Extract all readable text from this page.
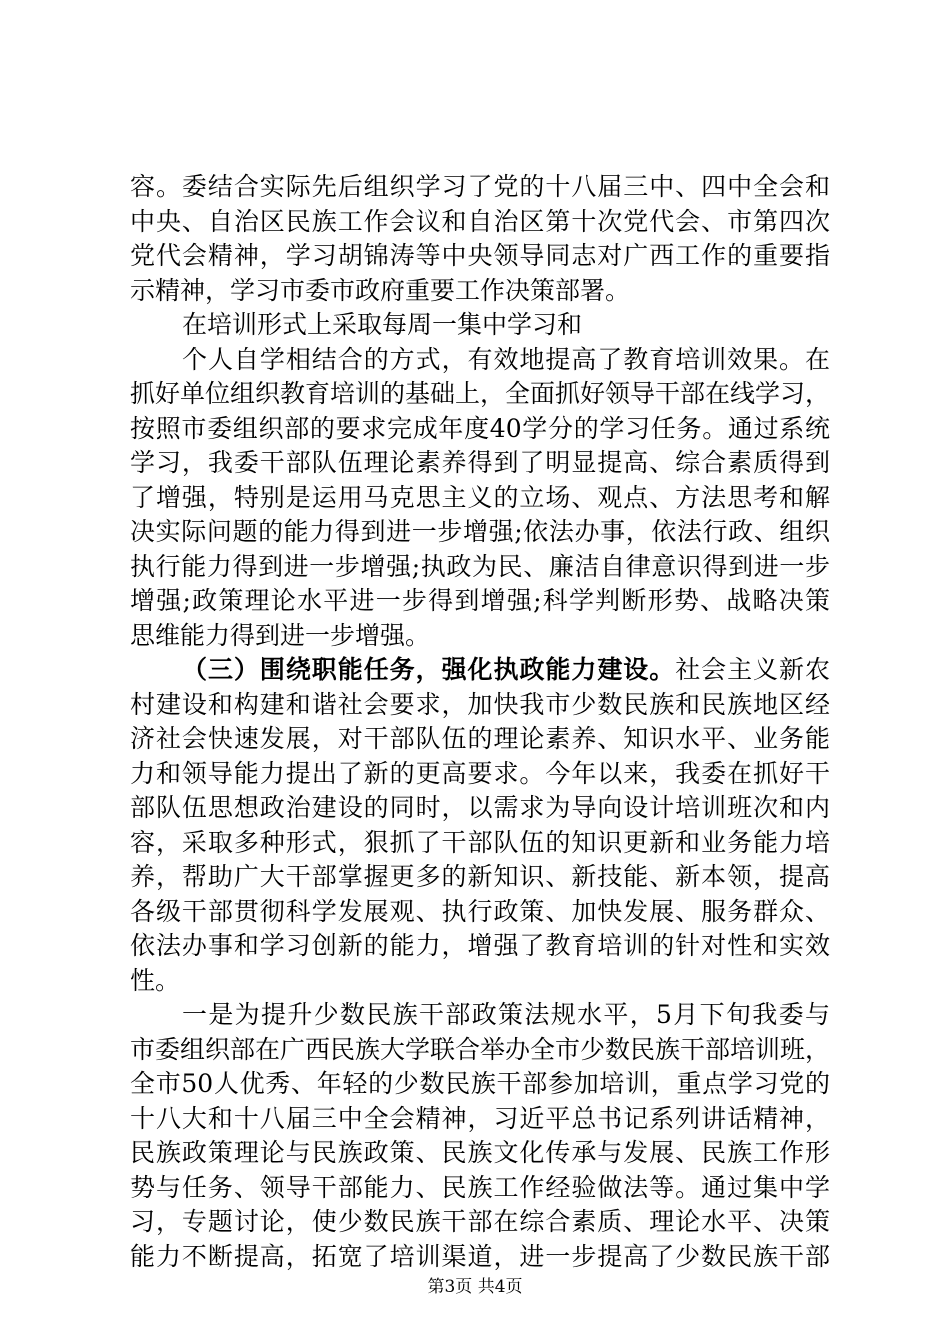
容。委结合实际先后组织学习了党的十八届三中、四中全会和
中央、自治区民族工作会议和自治区第十次党代会、市第四次
党代会精神，学习胡锦涛等中央领导同志对广西工作的重要指
示精神，学习市委市政府重要工作决策部署。
在培训形式上采取每周一集中学习和
个人自学相结合的方式，有效地提高了教育培训效果。在
抓好单位组织教育培训的基础上，全面抓好领导干部在线学习，
按照市委组织部的要求完成年度40学分的学习任务。通过系统
学习，我委干部队伍理论素养得到了明显提高、综合素质得到
了增强，特别是运用马克思主义的立场、观点、方法思考和解
决实际问题的能力得到进一步增强;依法办事，依法行政、组织
执行能力得到进一步增强;执政为民、廉洁自律意识得到进一步
增强;政策理论水平进一步得到增强;科学判断形势、战略决策
思维能力得到进一步增强。
（三）围绕职能任务，强化执政能力建设。社会主义新农
村建设和构建和谐社会要求，加快我市少数民族和民族地区经
济社会快速发展，对干部队伍的理论素养、知识水平、业务能
力和领导能力提出了新的更高要求。今年以来，我委在抓好干
部队伍思想政治建设的同时，以需求为导向设计培训班次和内
容，采取多种形式，狠抓了干部队伍的知识更新和业务能力培
养，帮助广大干部掌握更多的新知识、新技能、新本领，提高
各级干部贯彻科学发展观、执行政策、加快发展、服务群众、
依法办事和学习创新的能力，增强了教育培训的针对性和实效
性。
一是为提升少数民族干部政策法规水平，5月下旬我委与
市委组织部在广西民族大学联合举办全市少数民族干部培训班，
全市50人优秀、年轻的少数民族干部参加培训，重点学习党的
十八大和十八届三中全会精神，习近平总书记系列讲话精神，
民族政策理论与民族政策、民族文化传承与发展、民族工作形
势与任务、领导干部能力、民族工作经验做法等。通过集中学
习，专题讨论，使少数民族干部在综合素质、理论水平、决策
能力不断提高，拓宽了培训渠道，进一步提高了少数民族干部
第3页 共4页
